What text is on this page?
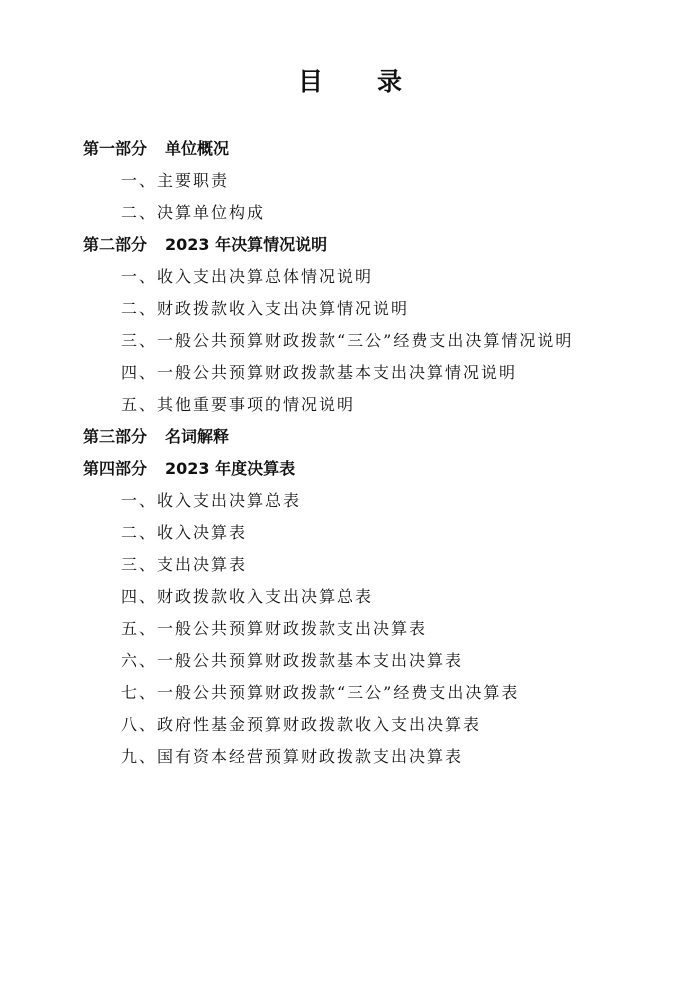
目录
第一部分 单位概况
一、主要职责
二、决算单位构成
第二部分 2023 年决算情况说明
一、收入支出决算总体情况说明
二、财政拨款收入支出决算情况说明
三、一般公共预算财政拨款“三公”经费支出决算情况说明
四、一般公共预算财政拨款基本支出决算情况说明
五、其他重要事项的情况说明
第三部分 名词解释
第四部分 2023 年度决算表
一、收入支出决算总表
二、收入决算表
三、支出决算表
四、财政拨款收入支出决算总表
五、一般公共预算财政拨款支出决算表
六、一般公共预算财政拨款基本支出决算表
七、一般公共预算财政拨款“三公”经费支出决算表
八、政府性基金预算财政拨款收入支出决算表
九、国有资本经营预算财政拨款支出决算表
